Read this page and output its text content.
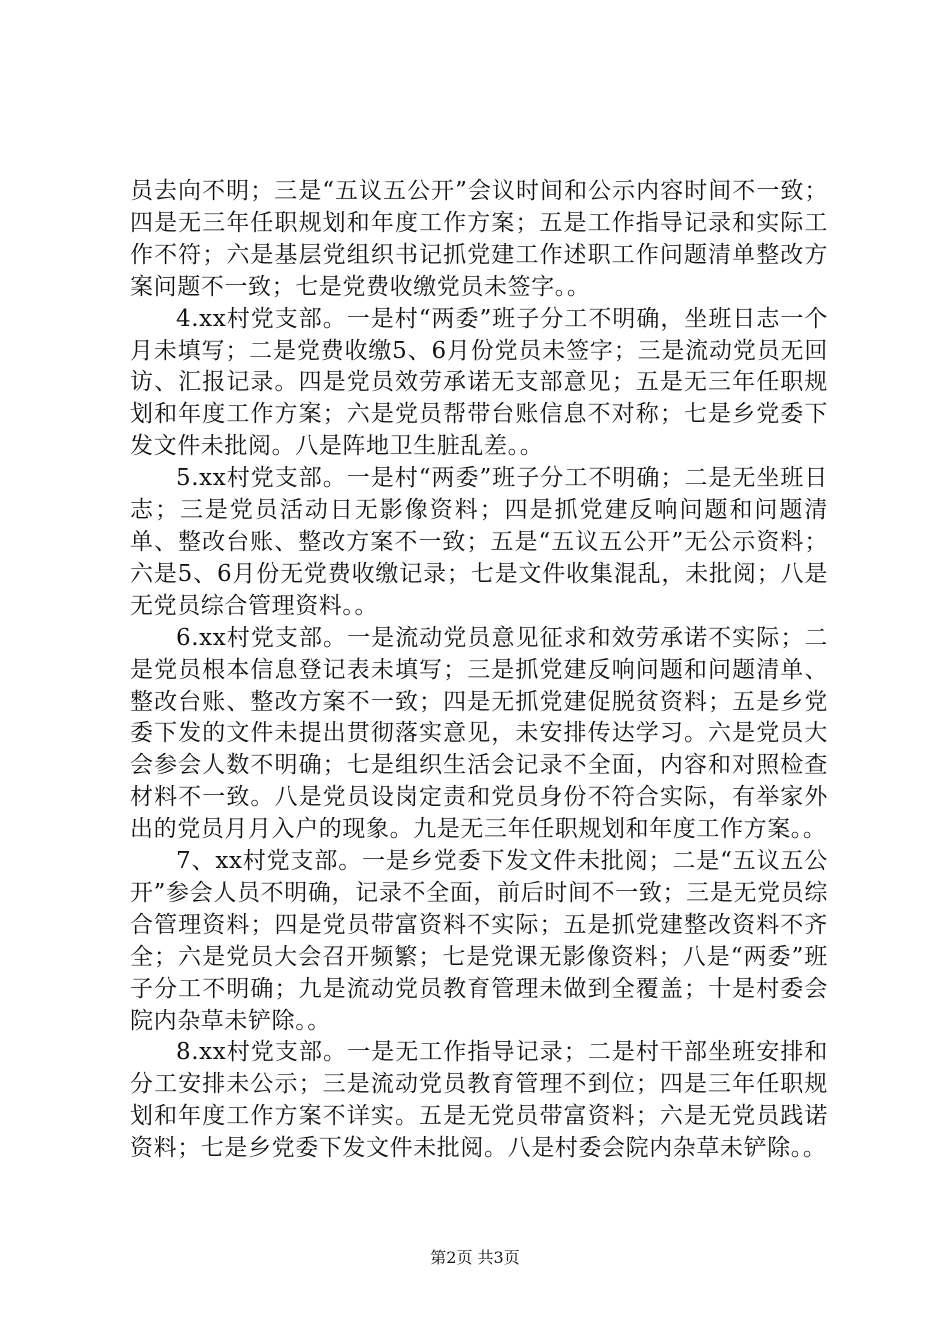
员去向不明；三是“五议五公开”会议时间和公示内容时间不一致；四是无三年任职规划和年度工作方案；五是工作指导记录和实际工作不符；六是基层党组织书记抓党建工作述职工作问题清单整改方案问题不一致；七是党费收缴党员未签字。。

4.xx村党支部。一是村“两委”班子分工不明确，坐班日志一个月未填写；二是党费收缴5、6月份党员未签字；三是流动党员无回访、汇报记录。四是党员效劳承诺无支部意见；五是无三年任职规划和年度工作方案；六是党员帮带台账信息不对称；七是乡党委下发文件未批阅。八是阵地卫生脏乱差。。

5.xx村党支部。一是村“两委”班子分工不明确；二是无坐班日志；三是党员活动日无影像资料；四是抓党建反响问题和问题清单、整改台账、整改方案不一致；五是“五议五公开”无公示资料；六是5、6月份无党费收缴记录；七是文件收集混乱，未批阅；八是无党员综合管理资料。。

6.xx村党支部。一是流动党员意见征求和效劳承诺不实际；二是党员根本信息登记表未填写；三是抓党建反响问题和问题清单、整改台账、整改方案不一致；四是无抓党建促脱贫资料；五是乡党委下发的文件未提出贯彻落实意见，未安排传达学习。六是党员大会参会人数不明确；七是组织生活会记录不全面，内容和对照检查材料不一致。八是党员设岗定责和党员身份不符合实际，有举家外出的党员月月入户的现象。九是无三年任职规划和年度工作方案。。

7、xx村党支部。一是乡党委下发文件未批阅；二是“五议五公开”参会人员不明确，记录不全面，前后时间不一致；三是无党员综合管理资料；四是党员带富资料不实际；五是抓党建整改资料不齐全；六是党员大会召开频繁；七是党课无影像资料；八是“两委”班子分工不明确；九是流动党员教育管理未做到全覆盖；十是村委会院内杂草未铲除。。

8.xx村党支部。一是无工作指导记录；二是村干部坐班安排和分工安排未公示；三是流动党员教育管理不到位；四是三年任职规划和年度工作方案不详实。五是无党员带富资料；六是无党员践诺资料；七是乡党委下发文件未批阅。八是村委会院内杂草未铲除。。

第2页 共3页
